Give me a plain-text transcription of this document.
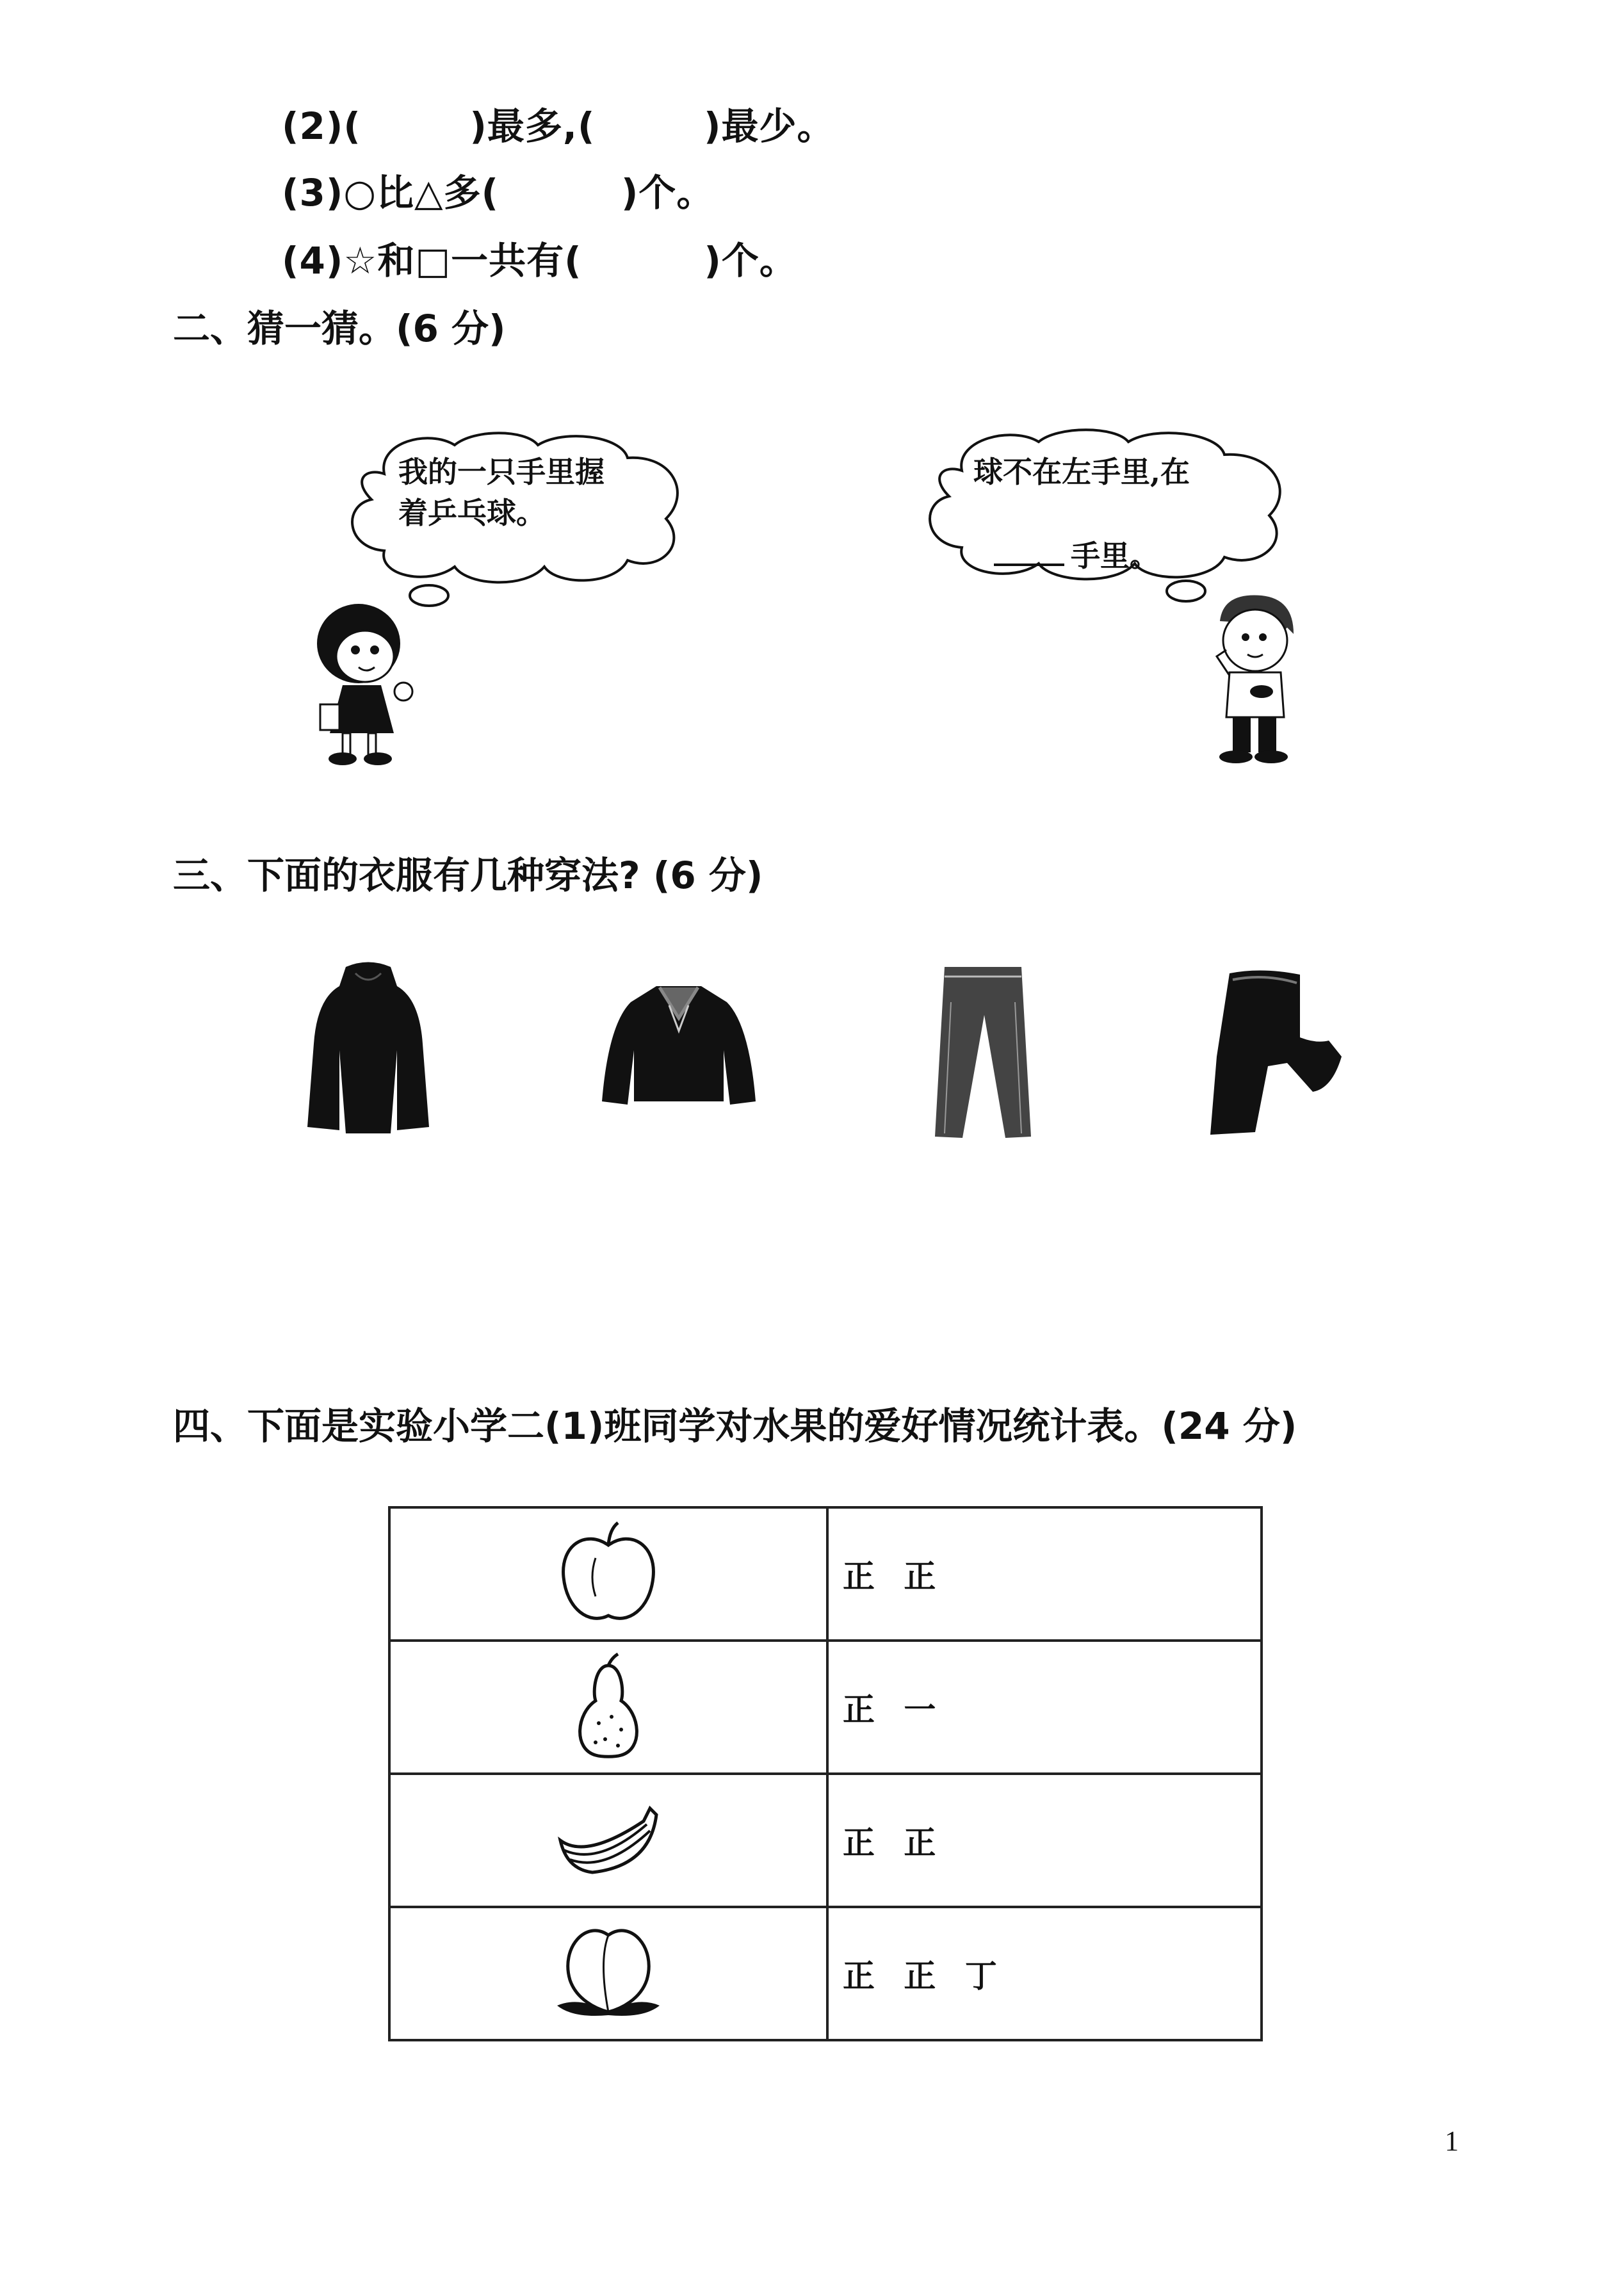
(2)(        )最多,(        )最少。
(3)○比△多(         )个。
(4)☆和□一共有(         )个。
二、猜一猜。(6 分)
我的一只手里握
着乒乓球。
球不在左手里,在

手里。

三、下面的衣服有几种穿法? (6 分)
四、下面是实验小学二(1)班同学对水果的爱好情况统计表。(24 分)
	正 正

	正 一

	正 正

	正 正 丁
1
